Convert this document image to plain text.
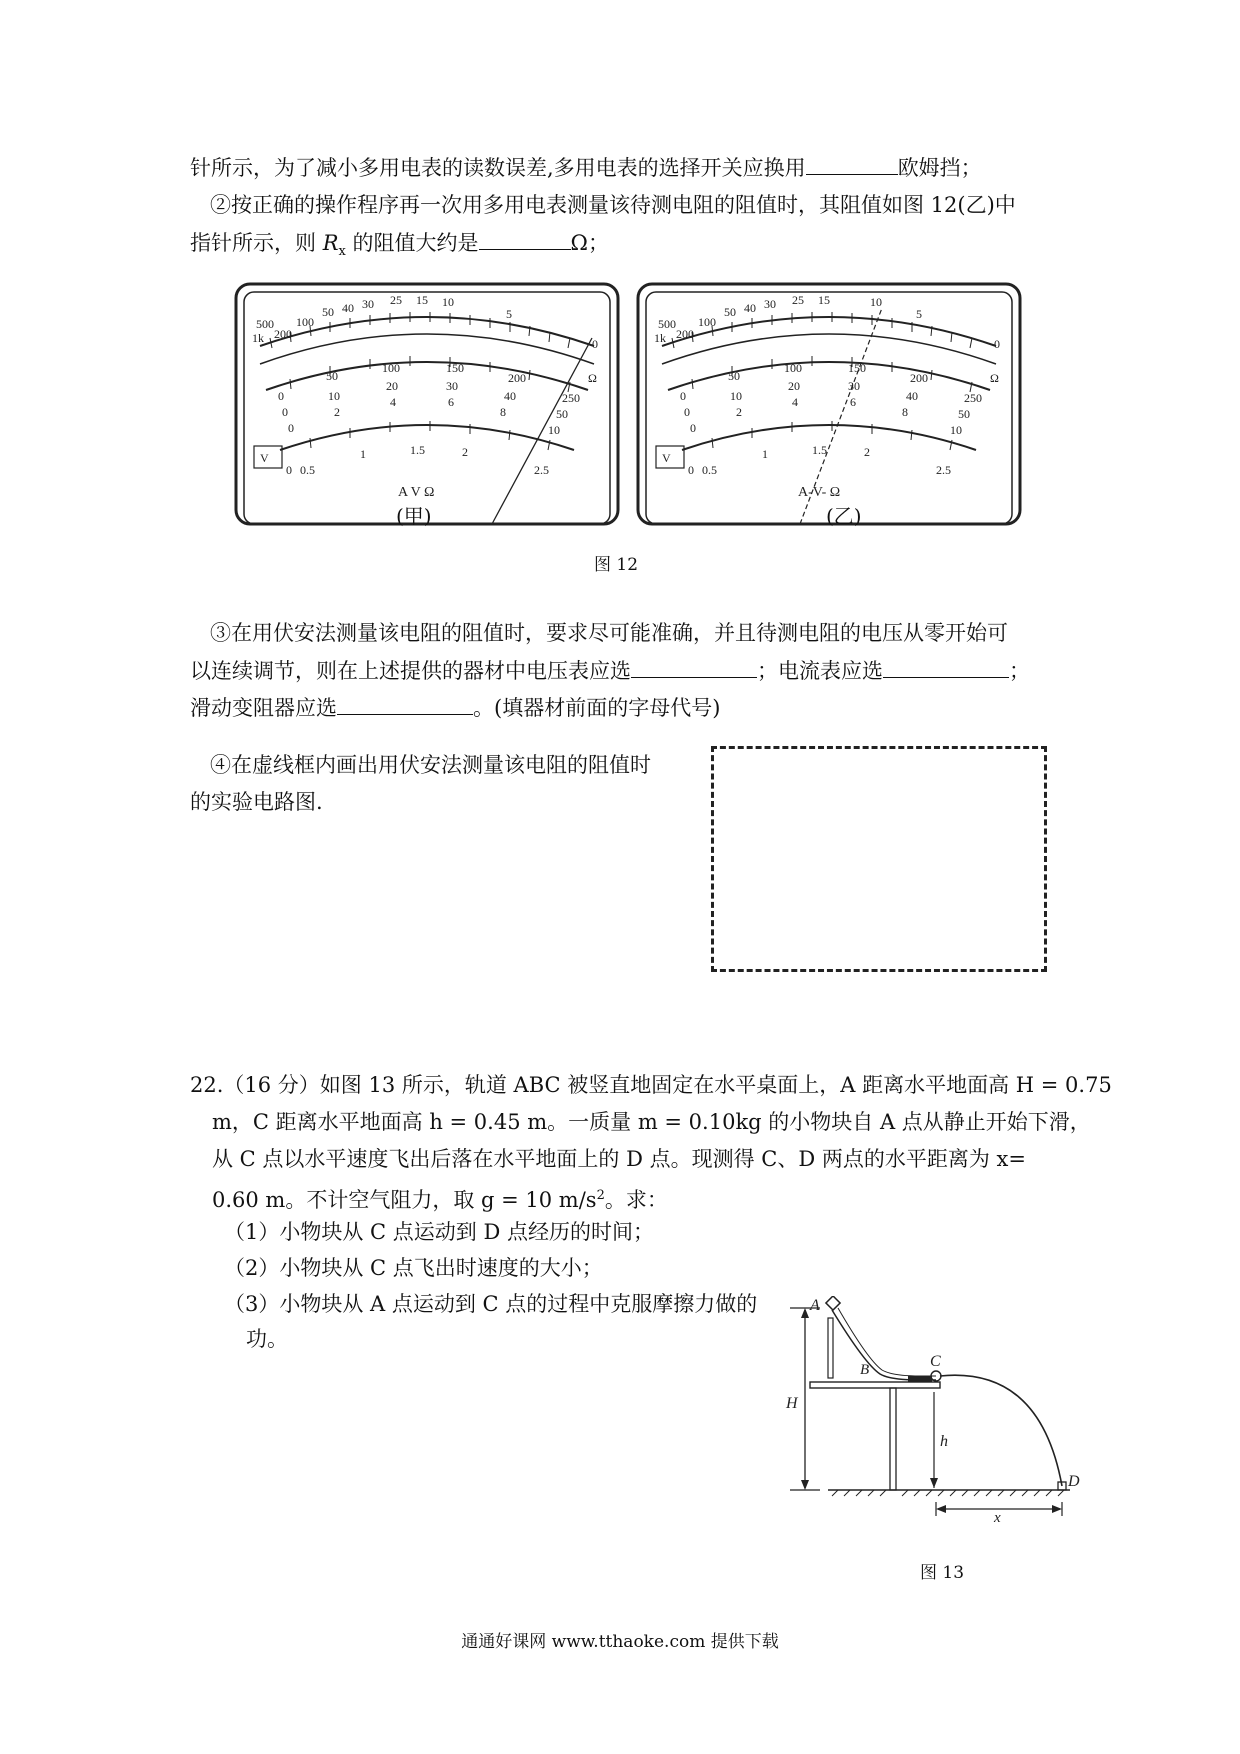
针所示，为了减小多用电表的读数误差,多用电表的选择开关应换用	欧姆挡；
②按正确的操作程序再一次用多用电表测量该待测电阻的阻值时，其阻值如图 12(乙)中
指针所示，则 $R_x$ 的阻值大约是	Ω；
500
1k 200
100
50 40 30 25 15 10
5
0
Ω
0
50
100	150
200
250
0
10
20	30
40
50
0
2
4	6
8
10
0 0.5
1	1.5	2
2.5
V
A V Ω
500
1k 200
100
50 40 30 25 15	10
5
0
Ω
0
50
100	150
200
250
0
10
20	30
40
50
0
2
4	6
8
10
0 0.5
1	1.5	2
2.5
V
A-V- Ω
(甲)	(乙)
图 12
③在用伏安法测量该电阻的阻值时，要求尽可能准确，并且待测电阻的电压从零开始可
以连续调节，则在上述提供的器材中电压表应选	；电流表应选	；
滑动变阻器应选	。(填器材前面的字母代号)
④在虚线框内画出用伏安法测量该电阻的阻值时
的实验电路图.
22.（16 分）如图 13 所示，轨道 ABC 被竖直地固定在水平桌面上，A 距离水平地面高 H = 0.75
m，C 距离水平地面高 h = 0.45 m。一质量 m = 0.10kg 的小物块自 A 点从静止开始下滑，
从 C 点以水平速度飞出后落在水平地面上的 D 点。现测得 C、D 两点的水平距离为 x=
0.60 m。不计空气阻力，取 g = 10 $m/s^2$。求：
（1）小物块从 C 点运动到 D 点经历的时间；
（2）小物块从 C 点飞出时速度的大小；
（3）小物块从 A 点运动到 C 点的过程中克服摩擦力做的
功。
H
A
B	C
h
D
x
图 13
通通好课网 www.tthaoke.com 提供下载
